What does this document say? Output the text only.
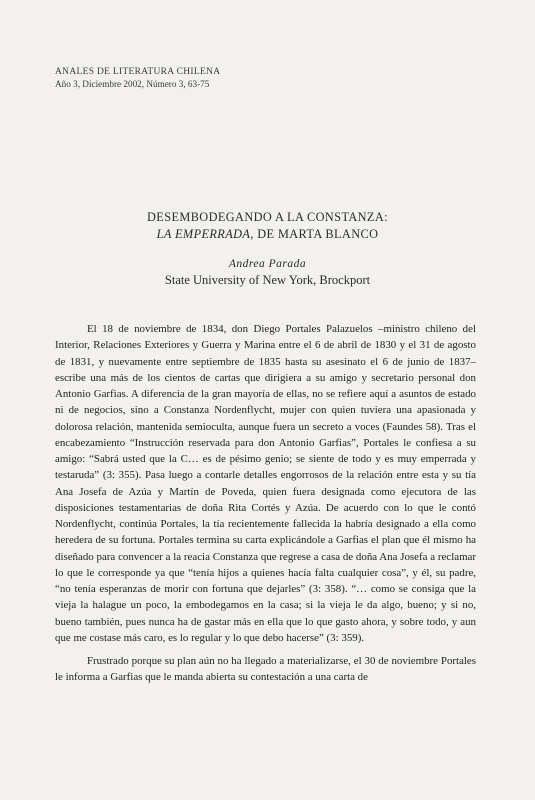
ANALES DE LITERATURA CHILENA
Año 3, Diciembre 2002, Número 3, 63-75
DESEMBODEGANDO A LA CONSTANZA:
LA EMPERRADA, DE MARTA BLANCO
Andrea Parada
State University of New York, Brockport

El 18 de noviembre de 1834, don Diego Portales Palazuelos –ministro chileno del Interior, Relaciones Exteriores y Guerra y Marina entre el 6 de abril de 1830 y el 31 de agosto de 1831, y nuevamente entre septiembre de 1835 hasta su asesinato el 6 de junio de 1837– escribe una más de los cientos de cartas que dirigiera a su amigo y secretario personal don Antonio Garfias. A diferencia de la gran mayoría de ellas, no se refiere aquí a asuntos de estado ni de negocios, sino a Constanza Nordenflycht, mujer con quien tuviera una apasionada y dolorosa relación, mantenida semioculta, aunque fuera un secreto a voces (Faundes 58). Tras el encabezamiento “Instrucción reservada para don Antonio Garfias”, Portales le confiesa a su amigo: “Sabrá usted que la C… es de pésimo genio; se siente de todo y es muy emperrada y testaruda” (3: 355). Pasa luego a contarle detalles engorrosos de la relación entre esta y su tía Ana Josefa de Azúa y Martín de Poveda, quien fuera designada como ejecutora de las disposiciones testamentarias de doña Rita Cortés y Azúa. De acuerdo con lo que le contó Nordenflycht, continúa Portales, la tía recientemente fallecida la habría designado a ella como heredera de su fortuna. Portales termina su carta explicándole a Garfias el plan que él mismo ha diseñado para convencer a la reacia Constanza que regrese a casa de doña Ana Josefa a reclamar lo que le corresponde ya que “tenía hijos a quienes hacía falta cualquier cosa”, y él, su padre, “no tenía esperanzas de morir con fortuna que dejarles” (3: 358). “… como se consiga que la vieja la halague un poco, la embodegamos en la casa; si la vieja le da algo, bueno; y si no, bueno también, pues nunca ha de gastar más en ella que lo que gasto ahora, y sobre todo, y aun que me costase más caro, es lo regular y lo que debo hacerse” (3: 359).

Frustrado porque su plan aún no ha llegado a materializarse, el 30 de noviembre Portales le informa a Garfias que le manda abierta su contestación a una carta de
